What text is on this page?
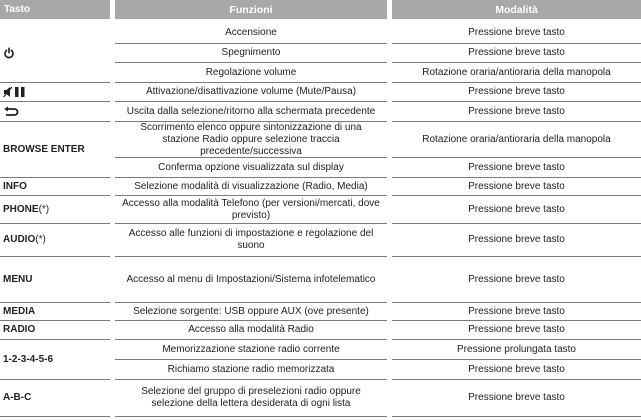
Tasto	Funzioni	Modalità
BROWSE ENTER
INFO
PHONE (*)
AUDIO (*)
MENU
MEDIA
RADIO
1-2-3-4-5-6
A-B-C
Accensione
Spegnimento
Regolazione volume
Attivazione/disattivazione volume (Mute/Pausa)
Uscita dalla selezione/ritorno alla schermata precedente
Scorrimento elenco oppure sintonizzazione di una stazione Radio oppure selezione traccia precedente/successiva
Conferma opzione visualizzata sul display
Selezione modalità di visualizzazione (Radio, Media)
Accesso alla modalità Telefono (per versioni/mercati, dove previsto)
Accesso alle funzioni di impostazione e regolazione del suono
Accesso al menu di Impostazioni/Sistema infotelematico
Selezione sorgente: USB oppure AUX (ove presente)
Accesso alla modalità Radio
Memorizzazione stazione radio corrente
Richiamo stazione radio memorizzata
Selezione del gruppo di preselezioni radio oppure selezione della lettera desiderata di ogni lista
Pressione breve tasto
Pressione breve tasto
Rotazione oraria/antioraria della manopola
Pressione breve tasto
Pressione breve tasto
Rotazione oraria/antioraria della manopola
Pressione breve tasto
Pressione breve tasto
Pressione breve tasto
Pressione breve tasto
Pressione breve tasto
Pressione breve tasto
Pressione breve tasto
Pressione prolungata tasto
Pressione breve tasto
Pressione breve tasto
